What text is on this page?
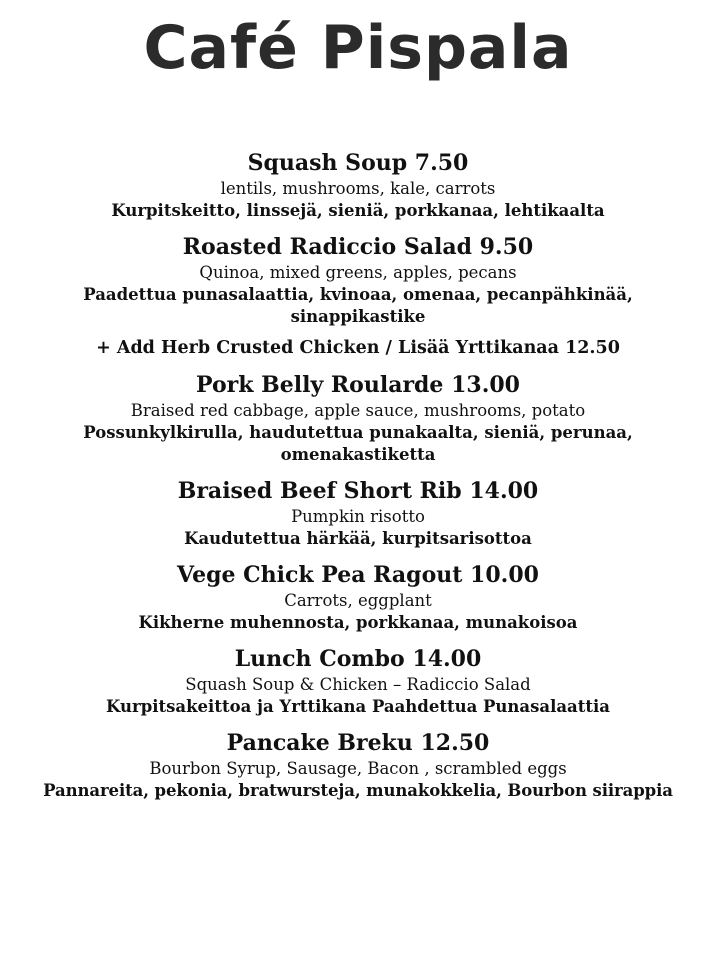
Café Pispala
Squash Soup 7.50
lentils, mushrooms, kale, carrots
Kurpitskeitto, linssejä, sieniä, porkkanaa, lehtikaalta
Roasted Radiccio Salad 9.50
Quinoa, mixed greens, apples, pecans
Paadettua punasalaattia, kvinoaa, omenaa, pecanpähkinää,
sinappikastike
+ Add Herb Crusted Chicken / Lisää Yrttikanaa 12.50
Pork Belly Roularde 13.00
Braised red cabbage, apple sauce, mushrooms, potato
Possunkylkirulla, haudutettua punakaalta, sieniä, perunaa,
omenakastiketta
Braised Beef Short Rib 14.00
Pumpkin risotto
Kaudutettua härkää, kurpitsarisottoa
Vege Chick Pea Ragout 10.00
Carrots, eggplant
Kikherne muhennosta, porkkanaa, munakoisoa
Lunch Combo 14.00
Squash Soup & Chicken – Radiccio Salad
Kurpitsakeittoa ja Yrttikana Paahdettua Punasalaattia
Pancake Breku 12.50
Bourbon Syrup, Sausage, Bacon , scrambled eggs
Pannareita, pekonia, bratwursteja, munakokkelia, Bourbon siirappia
